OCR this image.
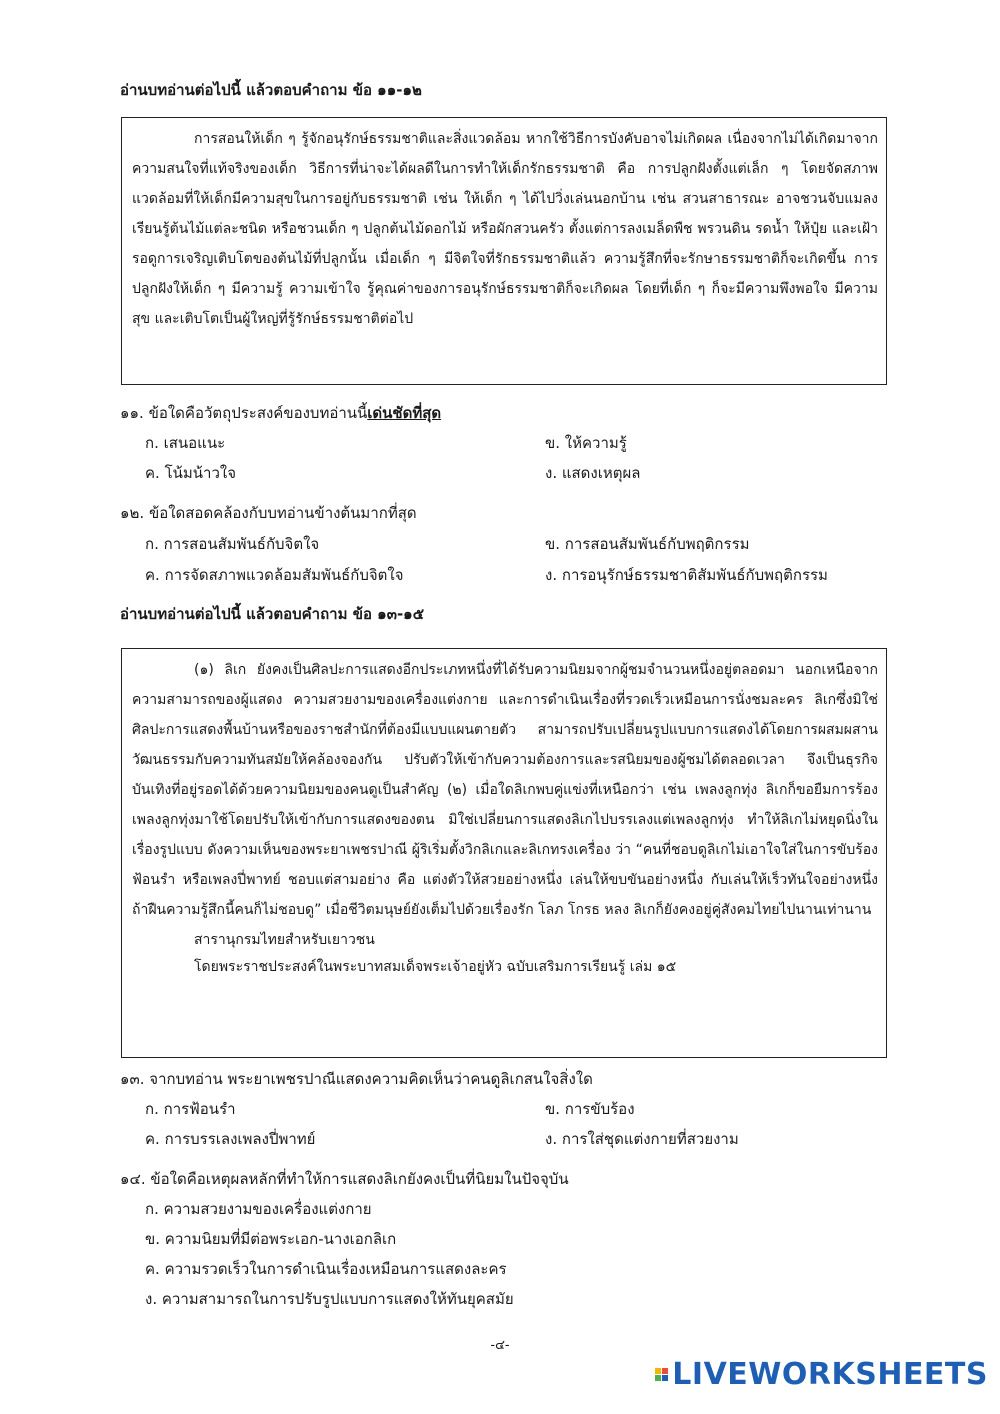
อ่านบทอ่านต่อไปนี้ แล้วตอบคำถาม ข้อ ๑๑-๑๒

การสอนให้เด็ก ๆ รู้จักอนุรักษ์ธรรมชาติและสิ่งแวดล้อม หากใช้วิธีการบังคับอาจไม่เกิดผล เนื่องจากไม่ได้เกิดมาจากความสนใจที่แท้จริงของเด็ก วิธีการที่น่าจะได้ผลดีในการทำให้เด็กรักธรรมชาติ คือ การปลูกฝังตั้งแต่เล็ก ๆ โดยจัดสภาพแวดล้อมที่ให้เด็กมีความสุขในการอยู่กับธรรมชาติ เช่น ให้เด็ก ๆ ได้ไปวิ่งเล่นนอกบ้าน เช่น สวนสาธารณะ อาจชวนจับแมลง เรียนรู้ต้นไม้แต่ละชนิด หรือชวนเด็ก ๆ ปลูกต้นไม้ดอกไม้ หรือผักสวนครัว ตั้งแต่การลงเมล็ดพืช พรวนดิน รดน้ำ ให้ปุ๋ย และเฝ้ารอดูการเจริญเติบโตของต้นไม้ที่ปลูกนั้น เมื่อเด็ก ๆ มีจิตใจที่รักธรรมชาติแล้ว ความรู้สึกที่จะรักษาธรรมชาติก็จะเกิดขึ้น การปลูกฝังให้เด็ก ๆ มีความรู้ ความเข้าใจ รู้คุณค่าของการอนุรักษ์ธรรมชาติก็จะเกิดผล โดยที่เด็ก ๆ ก็จะมีความพึงพอใจ มีความสุข และเติบโตเป็นผู้ใหญ่ที่รู้รักษ์ธรรมชาติต่อไป

๑๑. ข้อใดคือวัตถุประสงค์ของบทอ่านนี้เด่นชัดที่สุด
ก. เสนอแนะ	ข. ให้ความรู้
ค. โน้มน้าวใจ	ง. แสดงเหตุผล
๑๒. ข้อใดสอดคล้องกับบทอ่านข้างต้นมากที่สุด
ก. การสอนสัมพันธ์กับจิตใจ	ข. การสอนสัมพันธ์กับพฤติกรรม
ค. การจัดสภาพแวดล้อมสัมพันธ์กับจิตใจ	ง. การอนุรักษ์ธรรมชาติสัมพันธ์กับพฤติกรรม
อ่านบทอ่านต่อไปนี้ แล้วตอบคำถาม ข้อ ๑๓-๑๕

(๑) ลิเก ยังคงเป็นศิลปะการแสดงอีกประเภทหนึ่งที่ได้รับความนิยมจากผู้ชมจำนวนหนึ่งอยู่ตลอดมา นอกเหนือจากความสามารถของผู้แสดง ความสวยงามของเครื่องแต่งกาย และการดำเนินเรื่องที่รวดเร็วเหมือนการนั่งชมละคร ลิเกซึ่งมิใช่ศิลปะการแสดงพื้นบ้านหรือของราชสำนักที่ต้องมีแบบแผนตายตัว สามารถปรับเปลี่ยนรูปแบบการแสดงได้โดยการผสมผสานวัฒนธรรมกับความทันสมัยให้คล้องจองกัน ปรับตัวให้เข้ากับความต้องการและรสนิยมของผู้ชมได้ตลอดเวลา จึงเป็นธุรกิจบันเทิงที่อยู่รอดได้ด้วยความนิยมของคนดูเป็นสำคัญ (๒) เมื่อใดลิเกพบคู่แข่งที่เหนือกว่า เช่น เพลงลูกทุ่ง ลิเกก็ขอยืมการร้องเพลงลูกทุ่งมาใช้โดยปรับให้เข้ากับการแสดงของตน มิใช่เปลี่ยนการแสดงลิเกไปบรรเลงแต่เพลงลูกทุ่ง ทำให้ลิเกไม่หยุดนิ่งในเรื่องรูปแบบ ดังความเห็นของพระยาเพชรปาณี ผู้ริเริ่มตั้งวิกลิเกและลิเกทรงเครื่อง ว่า “คนที่ชอบดูลิเกไม่เอาใจใส่ในการขับร้อง ฟ้อนรำ หรือเพลงปี่พาทย์ ชอบแต่สามอย่าง คือ แต่งตัวให้สวยอย่างหนึ่ง เล่นให้ขบขันอย่างหนึ่ง กับเล่นให้เร็วทันใจอย่างหนึ่ง ถ้าฝืนความรู้สึกนี้คนก็ไม่ชอบดู” เมื่อชีวิตมนุษย์ยังเต็มไปด้วยเรื่องรัก โลภ โกรธ หลง ลิเกก็ยังคงอยู่คู่สังคมไทยไปนานเท่านาน

สารานุกรมไทยสำหรับเยาวชน

โดยพระราชประสงค์ในพระบาทสมเด็จพระเจ้าอยู่หัว ฉบับเสริมการเรียนรู้ เล่ม ๑๕

๑๓. จากบทอ่าน พระยาเพชรปาณีแสดงความคิดเห็นว่าคนดูลิเกสนใจสิ่งใด
ก. การฟ้อนรำ	ข. การขับร้อง
ค. การบรรเลงเพลงปี่พาทย์	ง. การใส่ชุดแต่งกายที่สวยงาม
๑๔. ข้อใดคือเหตุผลหลักที่ทำให้การแสดงลิเกยังคงเป็นที่นิยมในปัจจุบัน
ก. ความสวยงามของเครื่องแต่งกาย
ข. ความนิยมที่มีต่อพระเอก-นางเอกลิเก
ค. ความรวดเร็วในการดำเนินเรื่องเหมือนการแสดงละคร
ง. ความสามารถในการปรับรูปแบบการแสดงให้ทันยุคสมัย
-๔-
LIVEWORKSHEETS
